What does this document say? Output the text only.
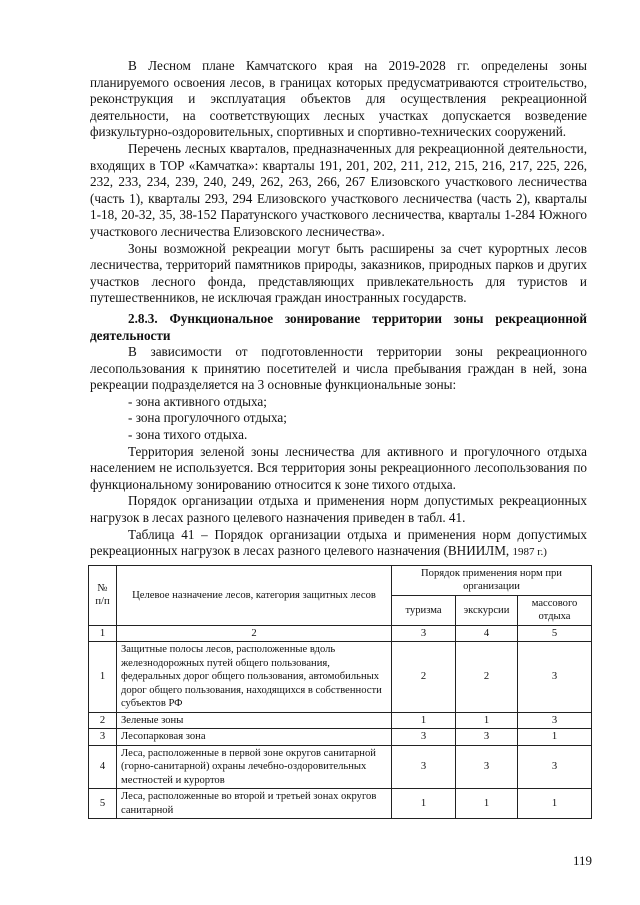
В Лесном плане Камчатского края на 2019-2028 гг. определены зоны планируемого освоения лесов, в границах которых предусматриваются строительство, реконструкция и эксплуатация объектов для осуществления рекреационной деятельности, на соответствующих лесных участках допускается возведение физкультурно-оздоровительных, спортивных и спортивно-технических сооружений.

Перечень лесных кварталов, предназначенных для рекреационной деятельности, входящих в ТОР «Камчатка»: кварталы 191, 201, 202, 211, 212, 215, 216, 217, 225, 226, 232, 233, 234, 239, 240, 249, 262, 263, 266, 267 Елизовского участкового лесничества (часть 1), кварталы 293, 294 Елизовского участкового лесничества (часть 2), кварталы 1-18, 20-32, 35, 38-152 Паратунского участкового лесничества, кварталы 1-284 Южного участкового лесничества Елизовского лесничества».

Зоны возможной рекреации могут быть расширены за счет курортных лесов лесничества, территорий памятников природы, заказников, природных парков и других участков лесного фонда, представляющих привлекательность для туристов и путешественников, не исключая граждан иностранных государств.

2.8.3. Функциональное зонирование территории зоны рекреационной деятельности

В зависимости от подготовленности территории зоны рекреационного лесопользования к принятию посетителей и числа пребывания граждан в ней, зона рекреации подразделяется на 3 основные функциональные зоны:

- зона активного отдыха;
- зона прогулочного отдыха;
- зона тихого отдыха.

Территория зеленой зоны лесничества для активного и прогулочного отдыха населением не используется. Вся территория зоны рекреационного лесопользования по функциональному зонированию относится к зоне тихого отдыха.

Порядок организации отдыха и применения норм допустимых рекреационных нагрузок в лесах разного целевого назначения приведен в табл. 41.

Таблица 41 – Порядок организации отдыха и применения норм допустимых рекреационных нагрузок в лесах разного целевого назначения (ВНИИЛМ, 1987 г.)

№ п/п	Целевое назначение лесов, категория защитных лесов	Порядок применения норм при организации		
		туризма	экскурсии	массового отдыха
1	2	3	4	5
1	Защитные полосы лесов, расположенные вдоль железнодорожных путей общего пользования, федеральных дорог общего пользования, автомобильных дорог общего пользования, находящихся в собственности субъектов РФ	2	2	3
2	Зеленые зоны	1	1	3
3	Лесопарковая зона	3	3	1
4	Леса, расположенные в первой зоне округов санитарной (горно-санитарной) охраны лечебно-оздоровительных местностей и курортов	3	3	3
5	Леса, расположенные во второй и третьей зонах округов санитарной	1	1	1
119
